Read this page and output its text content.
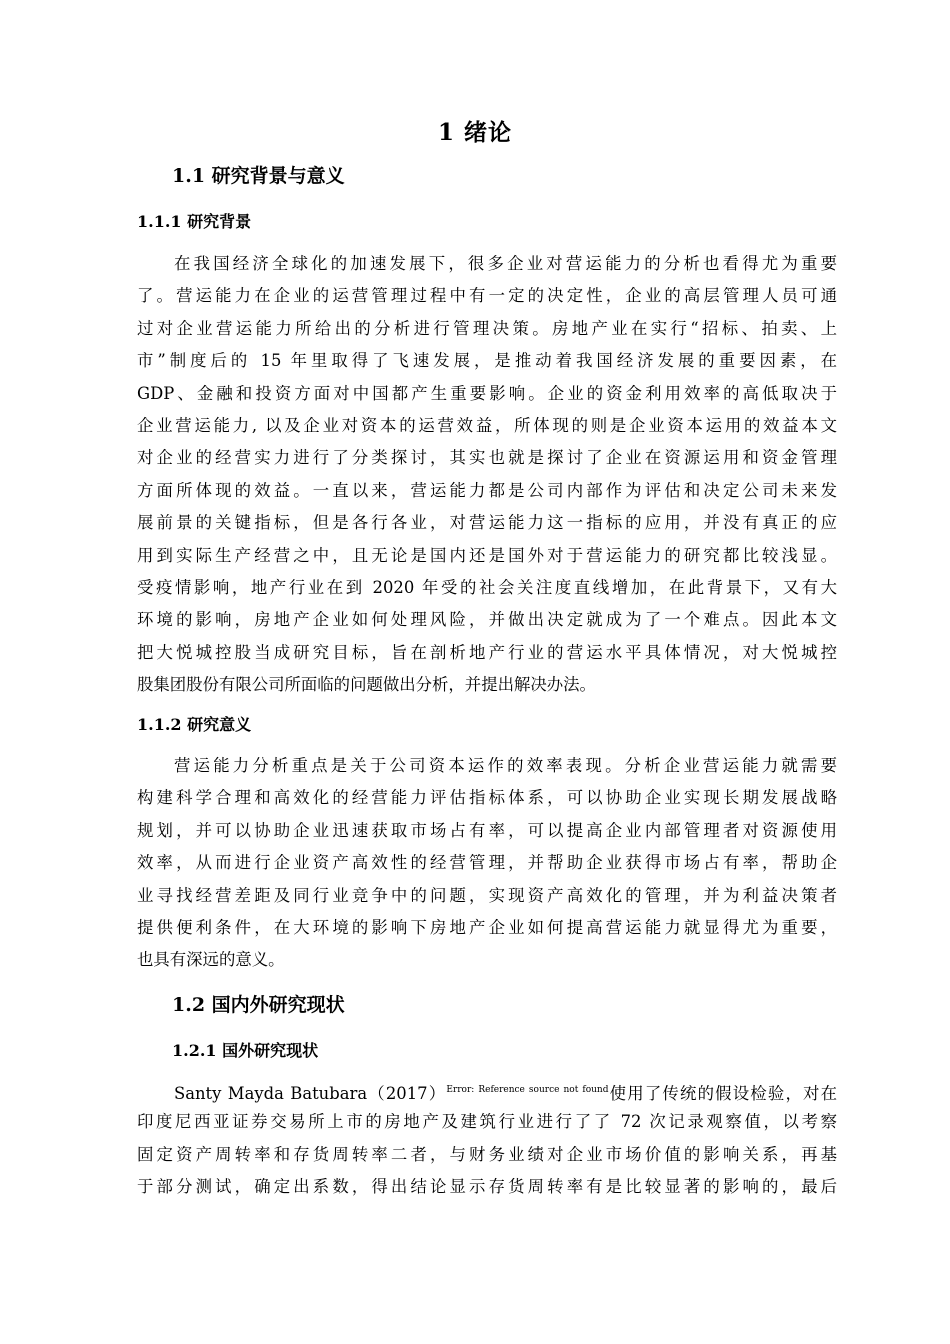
1 绪论
1.1 研究背景与意义
1.1.1 研究背景
在我国经济全球化的加速发展下，很多企业对营运能力的分析也看得尤为重要
了。营运能力在企业的运营管理过程中有一定的决定性，企业的高层管理人员可通
过对企业营运能力所给出的分析进行管理决策。房地产业在实行“招标、拍卖、上
市”制度后的 15 年里取得了飞速发展，是推动着我国经济发展的重要因素，在
GDP、金融和投资方面对中国都产生重要影响。企业的资金利用效率的高低取决于
企业营运能力, 以及企业对资本的运营效益，所体现的则是企业资本运用的效益本文
对企业的经营实力进行了分类探讨，其实也就是探讨了企业在资源运用和资金管理
方面所体现的效益。一直以来，营运能力都是公司内部作为评估和决定公司未来发
展前景的关键指标，但是各行各业，对营运能力这一指标的应用，并没有真正的应
用到实际生产经营之中，且无论是国内还是国外对于营运能力的研究都比较浅显。
受疫情影响，地产行业在到 2020 年受的社会关注度直线增加，在此背景下，又有大
环境的影响，房地产企业如何处理风险，并做出决定就成为了一个难点。因此本文
把大悦城控股当成研究目标，旨在剖析地产行业的营运水平具体情况，对大悦城控
股集团股份有限公司所面临的问题做出分析，并提出解决办法。
1.1.2 研究意义
营运能力分析重点是关于公司资本运作的效率表现。分析企业营运能力就需要
构建科学合理和高效化的经营能力评估指标体系，可以协助企业实现长期发展战略
规划，并可以协助企业迅速获取市场占有率，可以提高企业内部管理者对资源使用
效率，从而进行企业资产高效性的经营管理，并帮助企业获得市场占有率，帮助企
业寻找经营差距及同行业竞争中的问题，实现资产高效化的管理，并为利益决策者
提供便利条件，在大环境的影响下房地产企业如何提高营运能力就显得尤为重要，
也具有深远的意义。
1.2 国内外研究现状
1.2.1 国外研究现状
Santy Mayda Batubara（2017）$^{Error: Reference source not found}$使用了传统的假设检验，对在
印度尼西亚证券交易所上市的房地产及建筑行业进行了了 72 次记录观察值，以考察
固定资产周转率和存货周转率二者，与财务业绩对企业市场价值的影响关系，再基
于部分测试，确定出系数，得出结论显示存货周转率有是比较显著的影响的，最后
